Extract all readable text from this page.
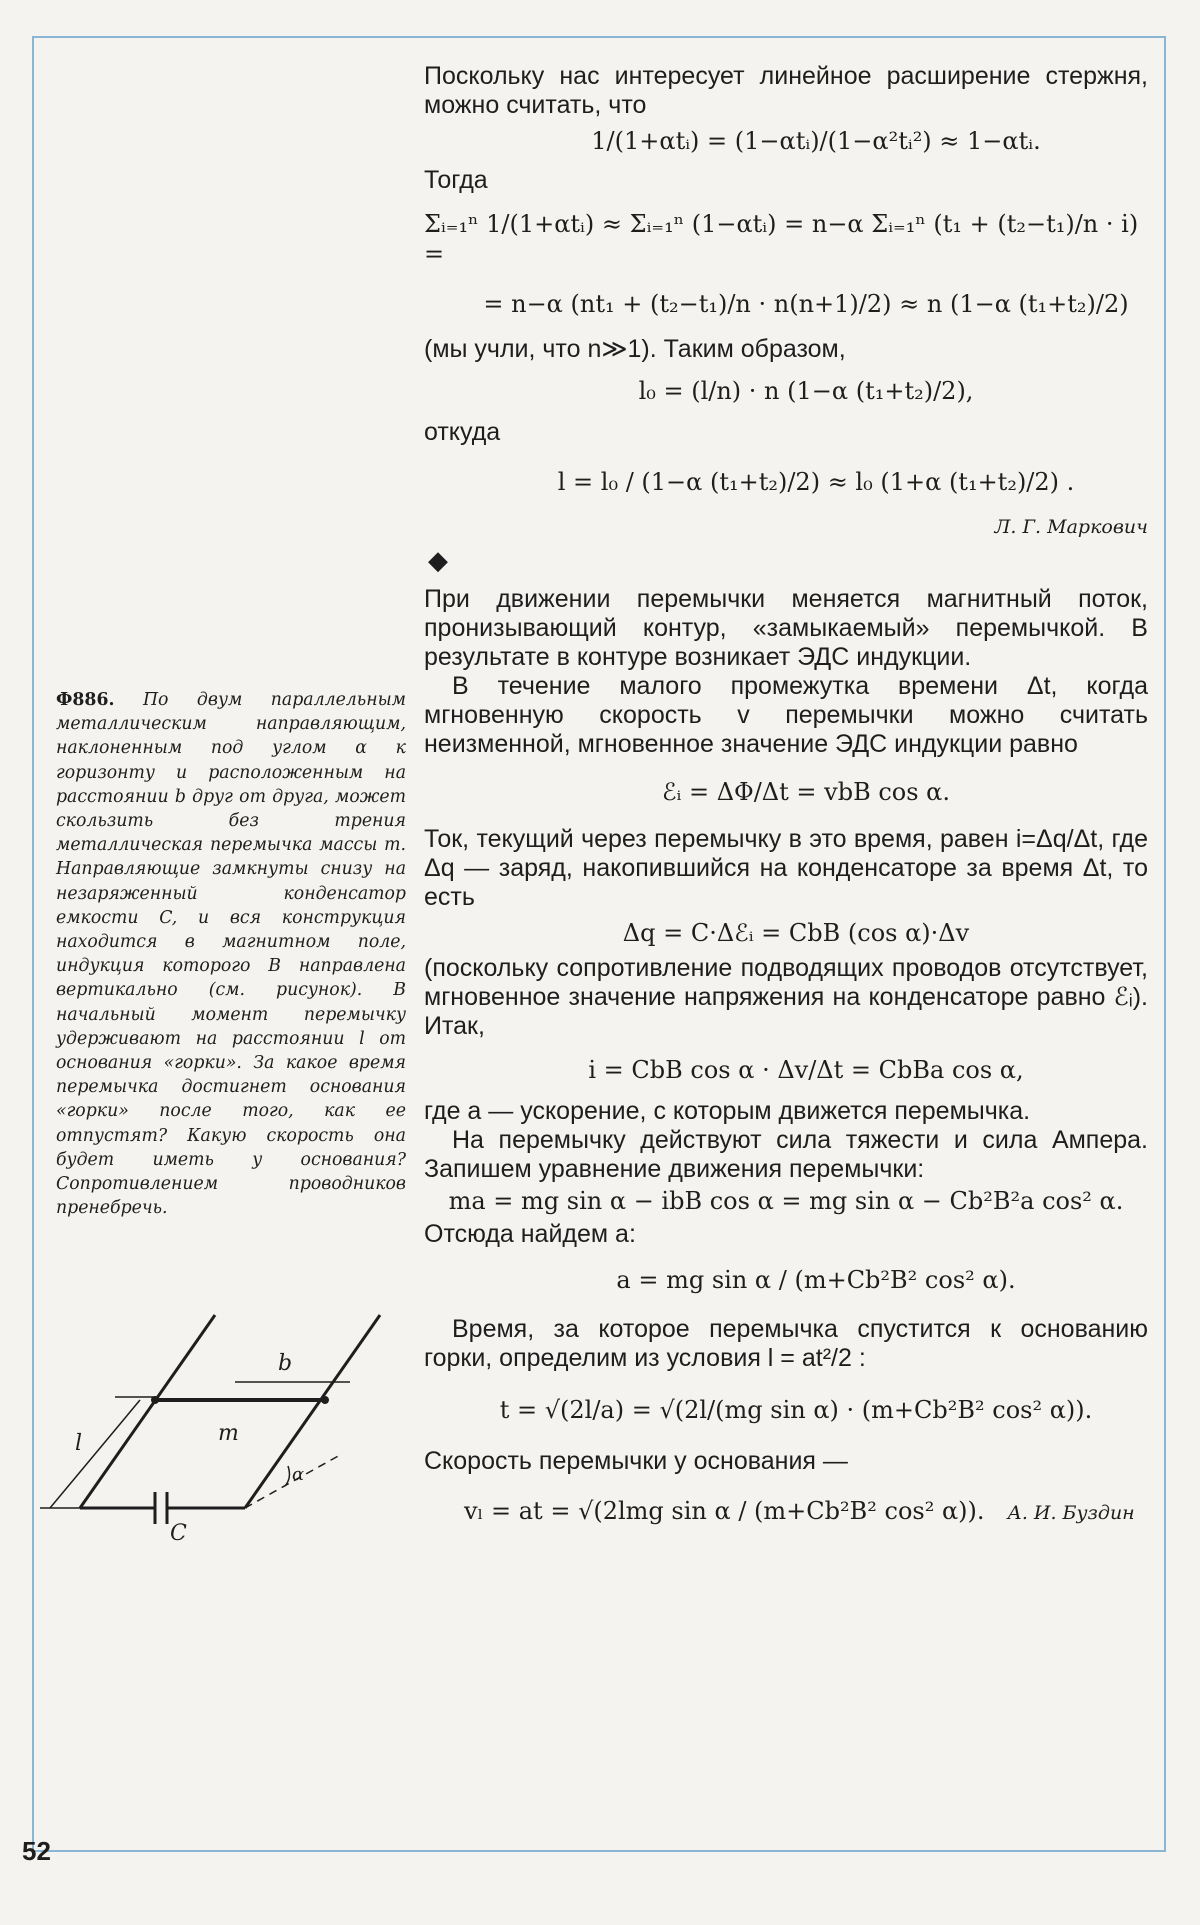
Ф886. По двум параллельным металлическим направляющим, наклоненным под углом α к горизонту и расположенным на расстоянии b друг от друга, может скользить без трения металлическая перемычка массы m. Направляющие замкнуты снизу на незаряженный конденсатор емкости C, и вся конструкция находится в магнитном поле, индукция которого B направлена вертикально (см. рисунок). В начальный момент перемычку удерживают на расстоянии l от основания «горки». За какое время перемычка достигнет основания «горки» после того, как ее отпустят? Какую скорость она будет иметь у основания? Сопротивлением проводников пренебречь.
b
m
l
α
C

Поскольку нас интересует линейное расширение стержня, можно считать, что

1/(1+αtᵢ) = (1−αtᵢ)/(1−α²tᵢ²) ≈ 1−αtᵢ.

Тогда

Σᵢ₌₁ⁿ 1/(1+αtᵢ) ≈ Σᵢ₌₁ⁿ (1−αtᵢ) = n−α Σᵢ₌₁ⁿ (t₁ + (t₂−t₁)/n · i) =

= n−α (nt₁ + (t₂−t₁)/n · n(n+1)/2) ≈ n (1−α (t₁+t₂)/2)

(мы учли, что n≫1). Таким образом,

l₀ = (l/n) · n (1−α (t₁+t₂)/2),

откуда

l = l₀ / (1−α (t₁+t₂)/2) ≈ l₀ (1+α (t₁+t₂)/2) .

Л. Г. Маркович

◆

При движении перемычки меняется магнитный поток, пронизывающий контур, «замыкаемый» перемычкой. В результате в контуре возникает ЭДС индукции.

В течение малого промежутка времени Δt, когда мгновенную скорость v перемычки можно считать неизменной, мгновенное значение ЭДС индукции равно

ℰᵢ = ΔΦ/Δt = vbB cos α.

Ток, текущий через перемычку в это время, равен i=Δq/Δt, где Δq — заряд, накопившийся на конденсаторе за время Δt, то есть

Δq = C·Δℰᵢ = CbB (cos α)·Δv

(поскольку сопротивление подводящих проводов отсутствует, мгновенное значение напряжения на конденсаторе равно ℰᵢ). Итак,

i = CbB cos α · Δv/Δt = CbBa cos α,

где a — ускорение, с которым движется перемычка.

На перемычку действуют сила тяжести и сила Ампера. Запишем уравнение движения перемычки:

ma = mg sin α − ibB cos α = mg sin α − Cb²B²a cos² α.

Отсюда найдем a:

a = mg sin α / (m+Cb²B² cos² α).

Время, за которое перемычка спустится к основанию горки, определим из условия l = at²/2 :

t = √(2l/a) = √(2l/(mg sin α) · (m+Cb²B² cos² α)).

Скорость перемычки у основания —

vₗ = at = √(2lmg sin α / (m+Cb²B² cos² α)). А. И. Буздин

52
